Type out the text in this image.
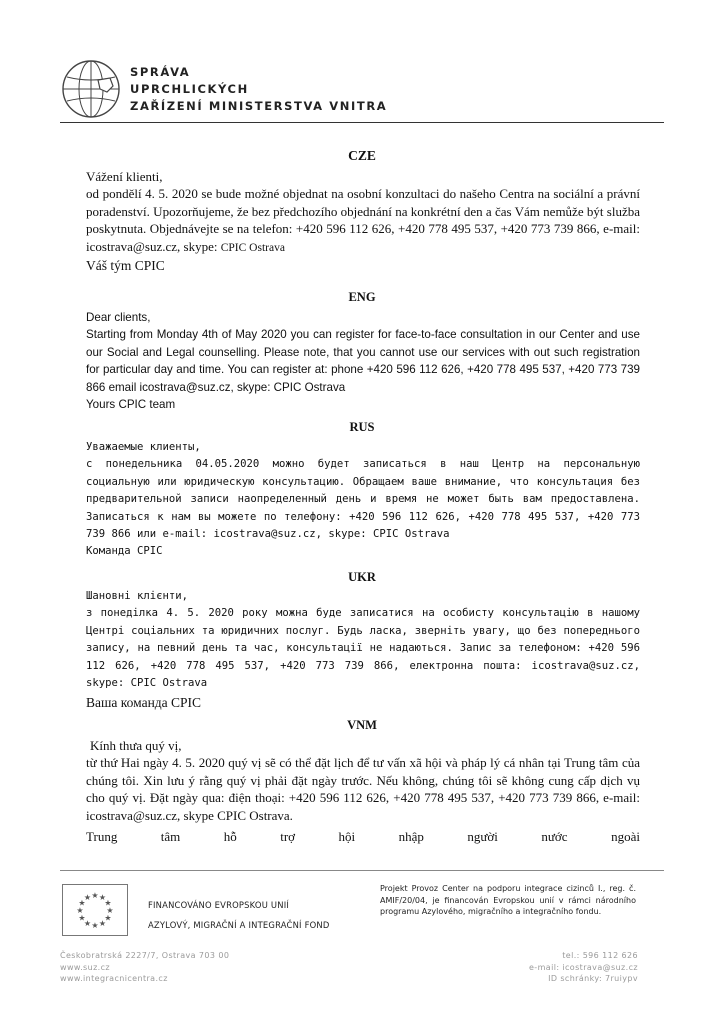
SPRÁVA
UPRCHLICKÝCH
ZAŘÍZENÍ MINISTERSTVA VNITRA
CZE

Vážení klienti,

od pondělí 4. 5. 2020 se bude možné objednat na osobní konzultaci do našeho Centra na sociální a právní poradenství. Upozorňujeme, že bez předchozího objednání na konkrétní den a čas Vám nemůže být služba poskytnuta. Objednávejte se na telefon: +420 596 112 626, +420 778 495 537, +420 773 739 866, e-mail: icostrava@suz.cz, skype: CPIC Ostrava

Váš tým CPIC

ENG

Dear clients,

Starting from Monday 4th of May 2020 you can register for face-to-face consultation in our Center and use our Social and Legal counselling. Please note, that you cannot use our services with out such registration for particular day and time. You can register at: phone +420 596 112 626, +420 778 495 537, +420 773 739 866 email icostrava@suz.cz, skype: CPIC Ostrava

Yours CPIC team

RUS

Уважаемые клиенты,

с понедельника 04.05.2020 можно будет записаться в наш Центр на персональную социальную или юридическую консультацию. Обращаем ваше внимание, что консультация без предварительной записи наопределенный день и время не может быть вам предоставлена. Записаться к нам вы можете по телефону: +420 596 112 626, +420 778 495 537, +420 773 739 866 или e-mail: icostrava@suz.cz, skype: CPIC Ostrava

Команда CPIC

UKR

Шановні клієнти,

з понеділка 4. 5. 2020 року можна буде записатися на особисту консультацію в нашому Центрі соціальних та юридичних послуг. Будь ласка, зверніть увагу, що без попереднього запису, на певний день та час, консультації не надаються. Запис за телефоном: +420 596 112 626, +420 778 495 537, +420 773 739 866, електронна пошта: icostrava@suz.cz, skype: CPIC Ostrava

Ваша команда CPIC

VNM

Kính thưa quý vị,

từ thứ Hai ngày 4. 5. 2020 quý vị sẽ có thể đặt lịch để tư vấn xã hội và pháp lý cá nhân tại Trung tâm của chúng tôi. Xin lưu ý rằng quý vị phải đặt ngày trước. Nếu không, chúng tôi sẽ không cung cấp dịch vụ cho quý vị. Đặt ngày qua: điện thoại: +420 596 112 626, +420 778 495 537, +420 773 739 866, e-mail: icostrava@suz.cz, skype CPIC Ostrava.

Trung	tâm	hỗ	trợ	hội	nhập	người	nước	ngoài
★ ★
★
★
★
★
★
★
★
★
★
★
FINANCOVÁNO EVROPSKOU UNIÍ
AZYLOVÝ, MIGRAČNÍ A INTEGRAČNÍ FOND
Projekt Provoz Center na podporu integrace cizinců I., reg. č. AMIF/20/04, je financován Evropskou unií v rámci národního programu Azylového, migračního a integračního fondu.
Českobratrská 2227/7, Ostrava 703 00
www.suz.cz
www.integracnicentra.cz
tel.: 596 112 626
e-mail: icostrava@suz.cz
ID schránky: 7ruiypv
